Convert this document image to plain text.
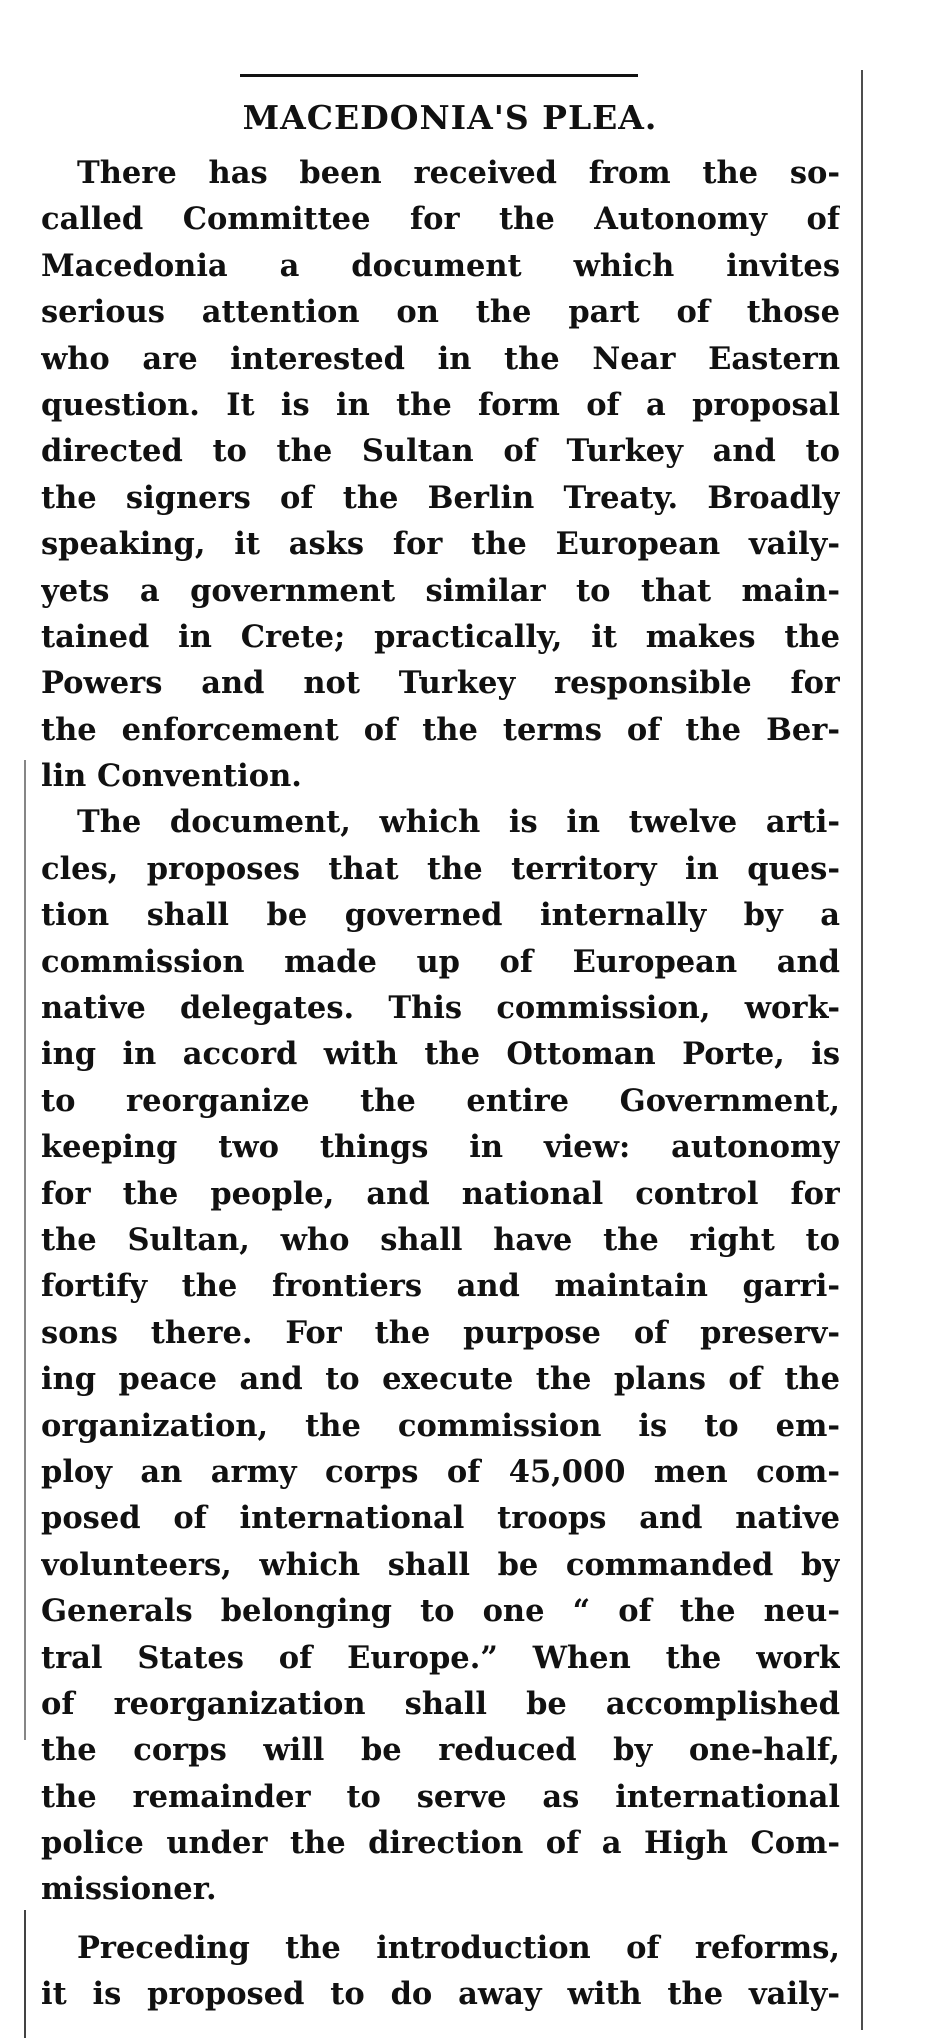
MACEDONIA'S PLEA.
There has been received from the so-
called Committee for the Autonomy of
Macedonia a document which invites
serious attention on the part of those
who are interested in the Near Eastern
question. It is in the form of a proposal
directed to the Sultan of Turkey and to
the signers of the Berlin Treaty. Broadly
speaking, it asks for the European vaily-
yets a government similar to that main-
tained in Crete; practically, it makes the
Powers and not Turkey responsible for
the enforcement of the terms of the Ber-
lin Convention.
The document, which is in twelve arti-
cles, proposes that the territory in ques-
tion shall be governed internally by a
commission made up of European and
native delegates. This commission, work-
ing in accord with the Ottoman Porte, is
to reorganize the entire Government,
keeping two things in view: autonomy
for the people, and national control for
the Sultan, who shall have the right to
fortify the frontiers and maintain garri-
sons there. For the purpose of preserv-
ing peace and to execute the plans of the
organization, the commission is to em-
ploy an army corps of 45,000 men com-
posed of international troops and native
volunteers, which shall be commanded by
Generals belonging to one “ of the neu-
tral States of Europe.” When the work
of reorganization shall be accomplished
the corps will be reduced by one-half,
the remainder to serve as international
police under the direction of a High Com-
missioner.
Preceding the introduction of reforms,
it is proposed to do away with the vaily-
